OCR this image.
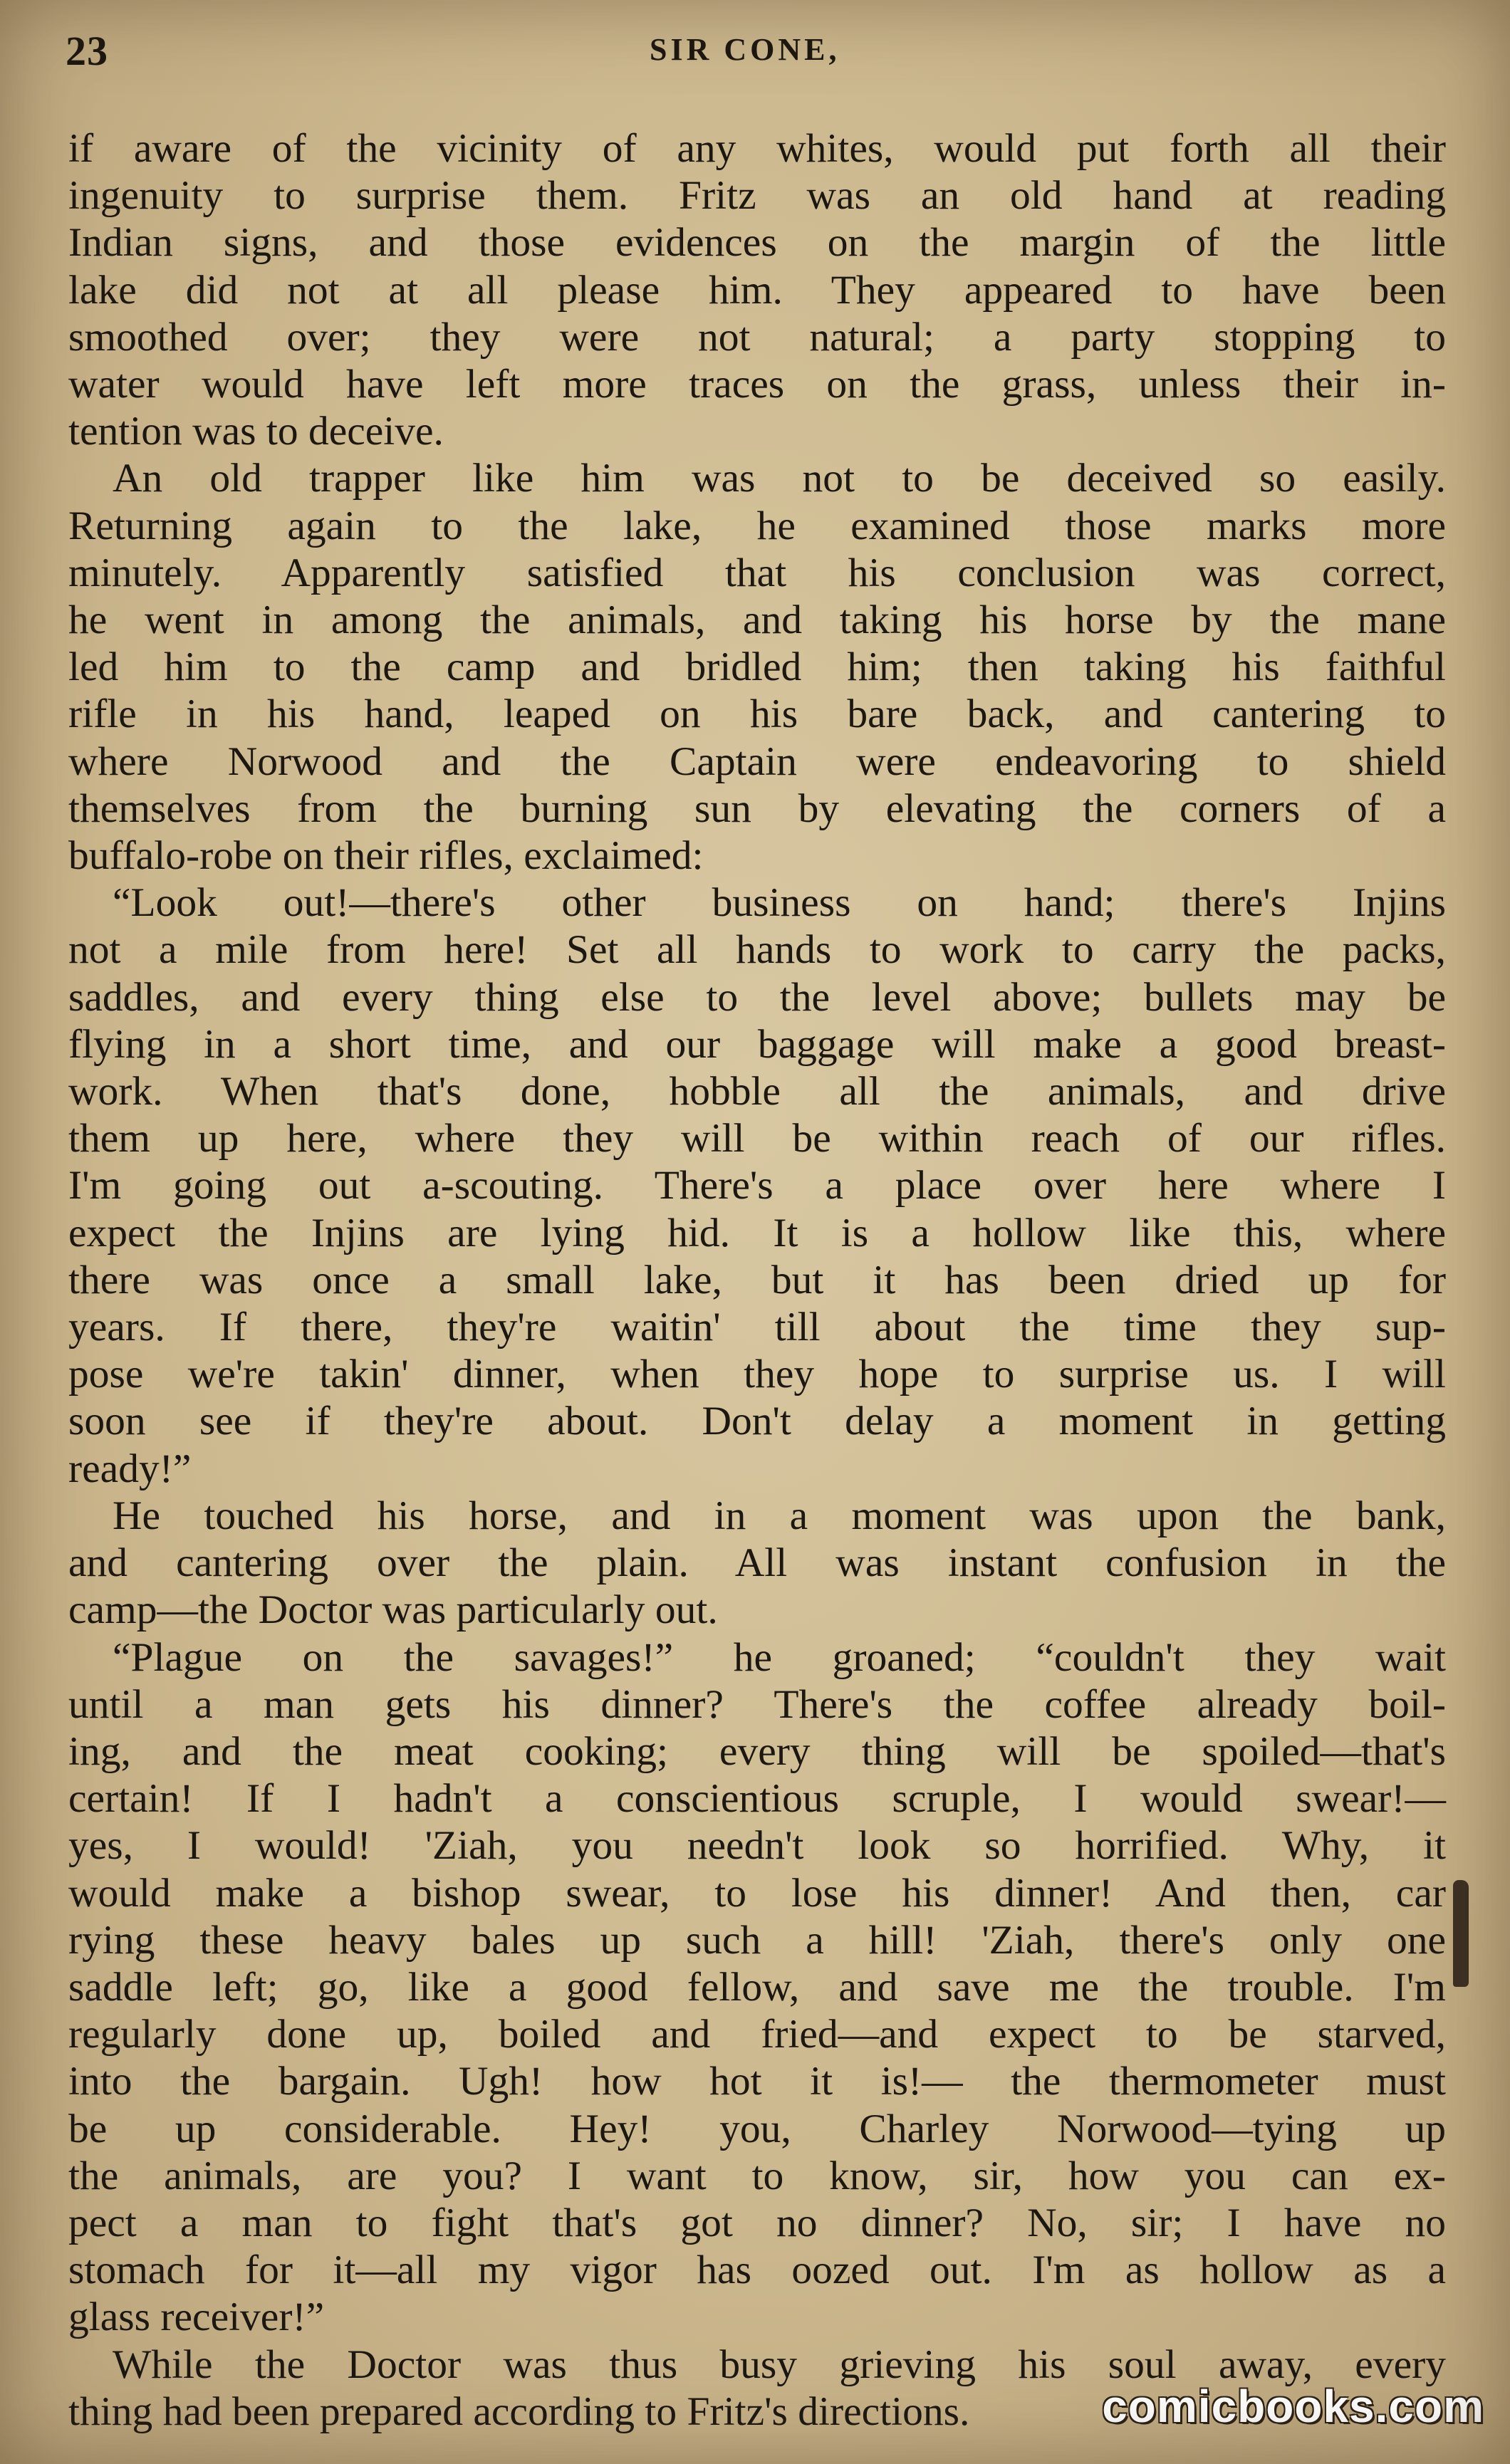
23	SIR CONE,
if aware of the vicinity of any whites, would put forth all their
ingenuity to surprise them. Fritz was an old hand at reading
Indian signs, and those evidences on the margin of the little
lake did not at all please him. They appeared to have been
smoothed over; they were not natural; a party stopping to
water would have left more traces on the grass, unless their in-
tention was to deceive.
An old trapper like him was not to be deceived so easily.
Returning again to the lake, he examined those marks more
minutely. Apparently satisfied that his conclusion was correct,
he went in among the animals, and taking his horse by the mane
led him to the camp and bridled him; then taking his faithful
rifle in his hand, leaped on his bare back, and cantering to
where Norwood and the Captain were endeavoring to shield
themselves from the burning sun by elevating the corners of a
buffalo-robe on their rifles, exclaimed:
“Look out!—there's other business on hand; there's Injins
not a mile from here! Set all hands to work to carry the packs,
saddles, and every thing else to the level above; bullets may be
flying in a short time, and our baggage will make a good breast-
work. When that's done, hobble all the animals, and drive
them up here, where they will be within reach of our rifles.
I'm going out a-scouting. There's a place over here where I
expect the Injins are lying hid. It is a hollow like this, where
there was once a small lake, but it has been dried up for
years. If there, they're waitin' till about the time they sup-
pose we're takin' dinner, when they hope to surprise us. I will
soon see if they're about. Don't delay a moment in getting
ready!”
He touched his horse, and in a moment was upon the bank,
and cantering over the plain. All was instant confusion in the
camp—the Doctor was particularly out.
“Plague on the savages!” he groaned; “couldn't they wait
until a man gets his dinner? There's the coffee already boil-
ing, and the meat cooking; every thing will be spoiled—that's
certain! If I hadn't a conscientious scruple, I would swear!—
yes, I would! 'Ziah, you needn't look so horrified. Why, it
would make a bishop swear, to lose his dinner! And then, car
rying these heavy bales up such a hill! 'Ziah, there's only one
saddle left; go, like a good fellow, and save me the trouble. I'm
regularly done up, boiled and fried—and expect to be starved,
into the bargain. Ugh! how hot it is!— the thermometer must
be up considerable. Hey! you, Charley Norwood—tying up
the animals, are you? I want to know, sir, how you can ex-
pect a man to fight that's got no dinner? No, sir; I have no
stomach for it—all my vigor has oozed out. I'm as hollow as a
glass receiver!”
While the Doctor was thus busy grieving his soul away, every
thing had been prepared according to Fritz's directions.	comicbooks.com
